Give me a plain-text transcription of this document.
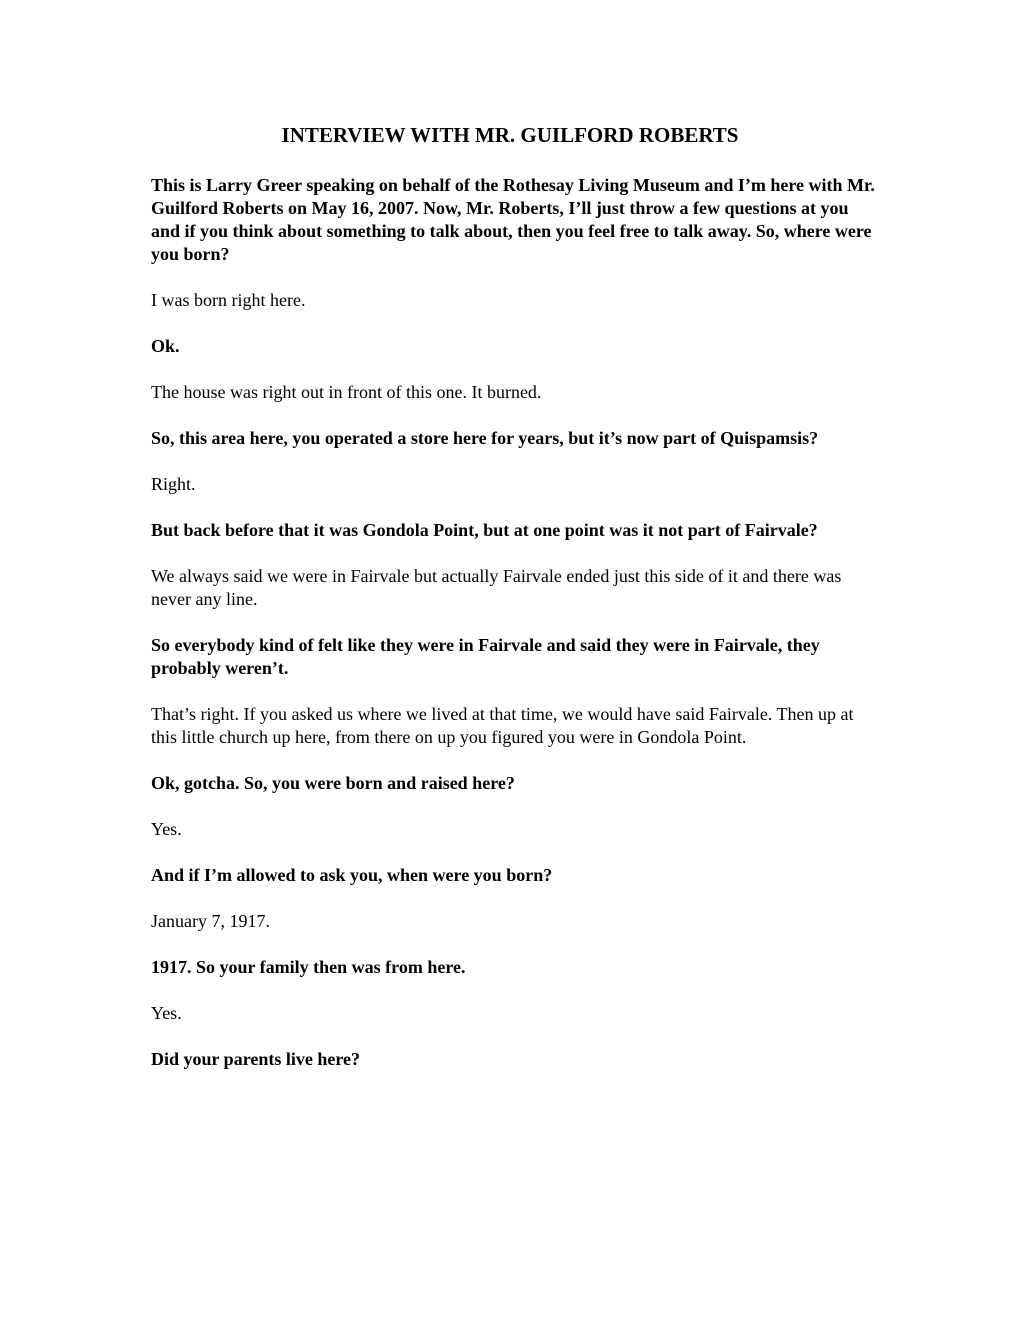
INTERVIEW WITH MR. GUILFORD ROBERTS

This is Larry Greer speaking on behalf of the Rothesay Living Museum and I’m here with Mr. Guilford Roberts on May 16, 2007. Now, Mr. Roberts, I’ll just throw a few questions at you and if you think about something to talk about, then you feel free to talk away. So, where were you born?

I was born right here.

Ok.

The house was right out in front of this one. It burned.

So, this area here, you operated a store here for years, but it’s now part of Quispamsis?

Right.

But back before that it was Gondola Point, but at one point was it not part of Fairvale?

We always said we were in Fairvale but actually Fairvale ended just this side of it and there was never any line.

So everybody kind of felt like they were in Fairvale and said they were in Fairvale, they probably weren’t.

That’s right. If you asked us where we lived at that time, we would have said Fairvale. Then up at this little church up here, from there on up you figured you were in Gondola Point.

Ok, gotcha. So, you were born and raised here?

Yes.

And if I’m allowed to ask you, when were you born?

January 7, 1917.

1917. So your family then was from here.

Yes.

Did your parents live here?
